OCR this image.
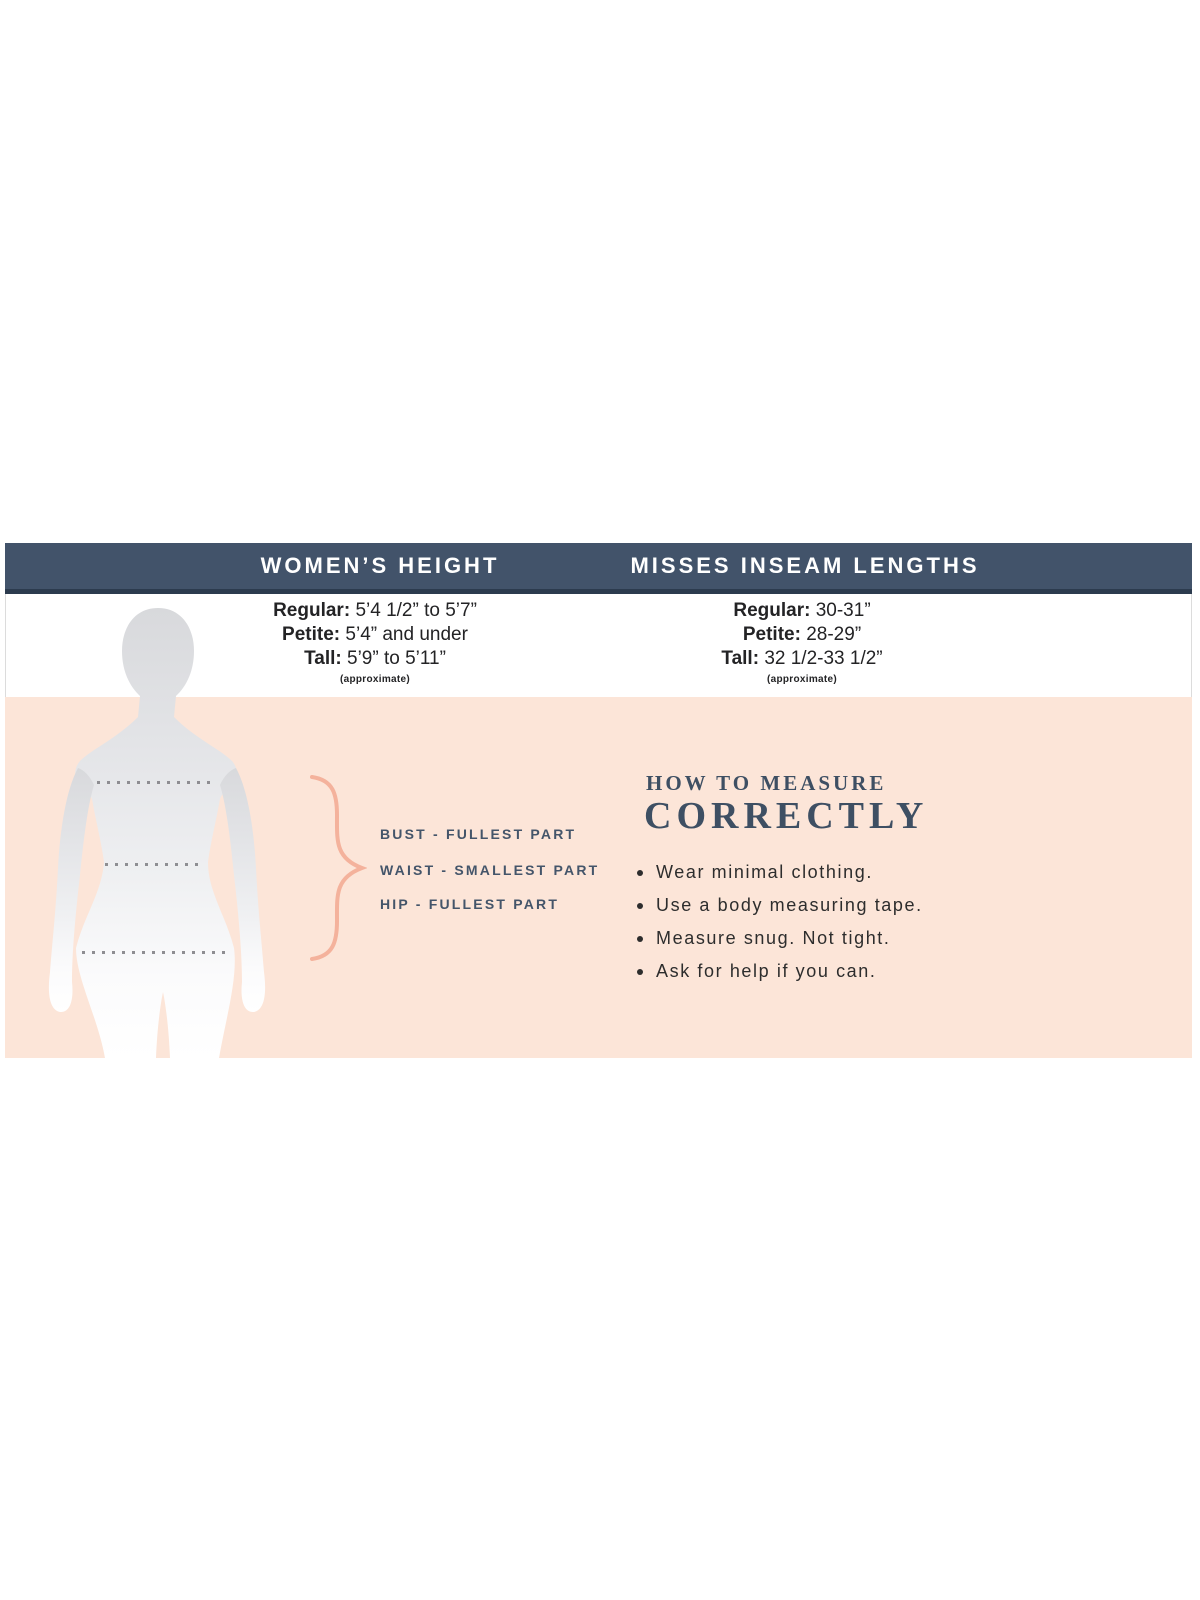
WOMEN’S HEIGHT	MISSES INSEAM LENGTHS
Regular: 5’4 1/2” to 5’7”
Petite: 5’4” and under
Tall: 5’9” to 5’11”
(approximate)
Regular: 30-31”
Petite: 28-29”
Tall: 32 1/2-33 1/2”
(approximate)
BUST - FULLEST PART
WAIST - SMALLEST PART
HIP - FULLEST PART
HOW TO MEASURE
CORRECTLY
Wear minimal clothing.
Use a body measuring tape.
Measure snug. Not tight.
Ask for help if you can.
